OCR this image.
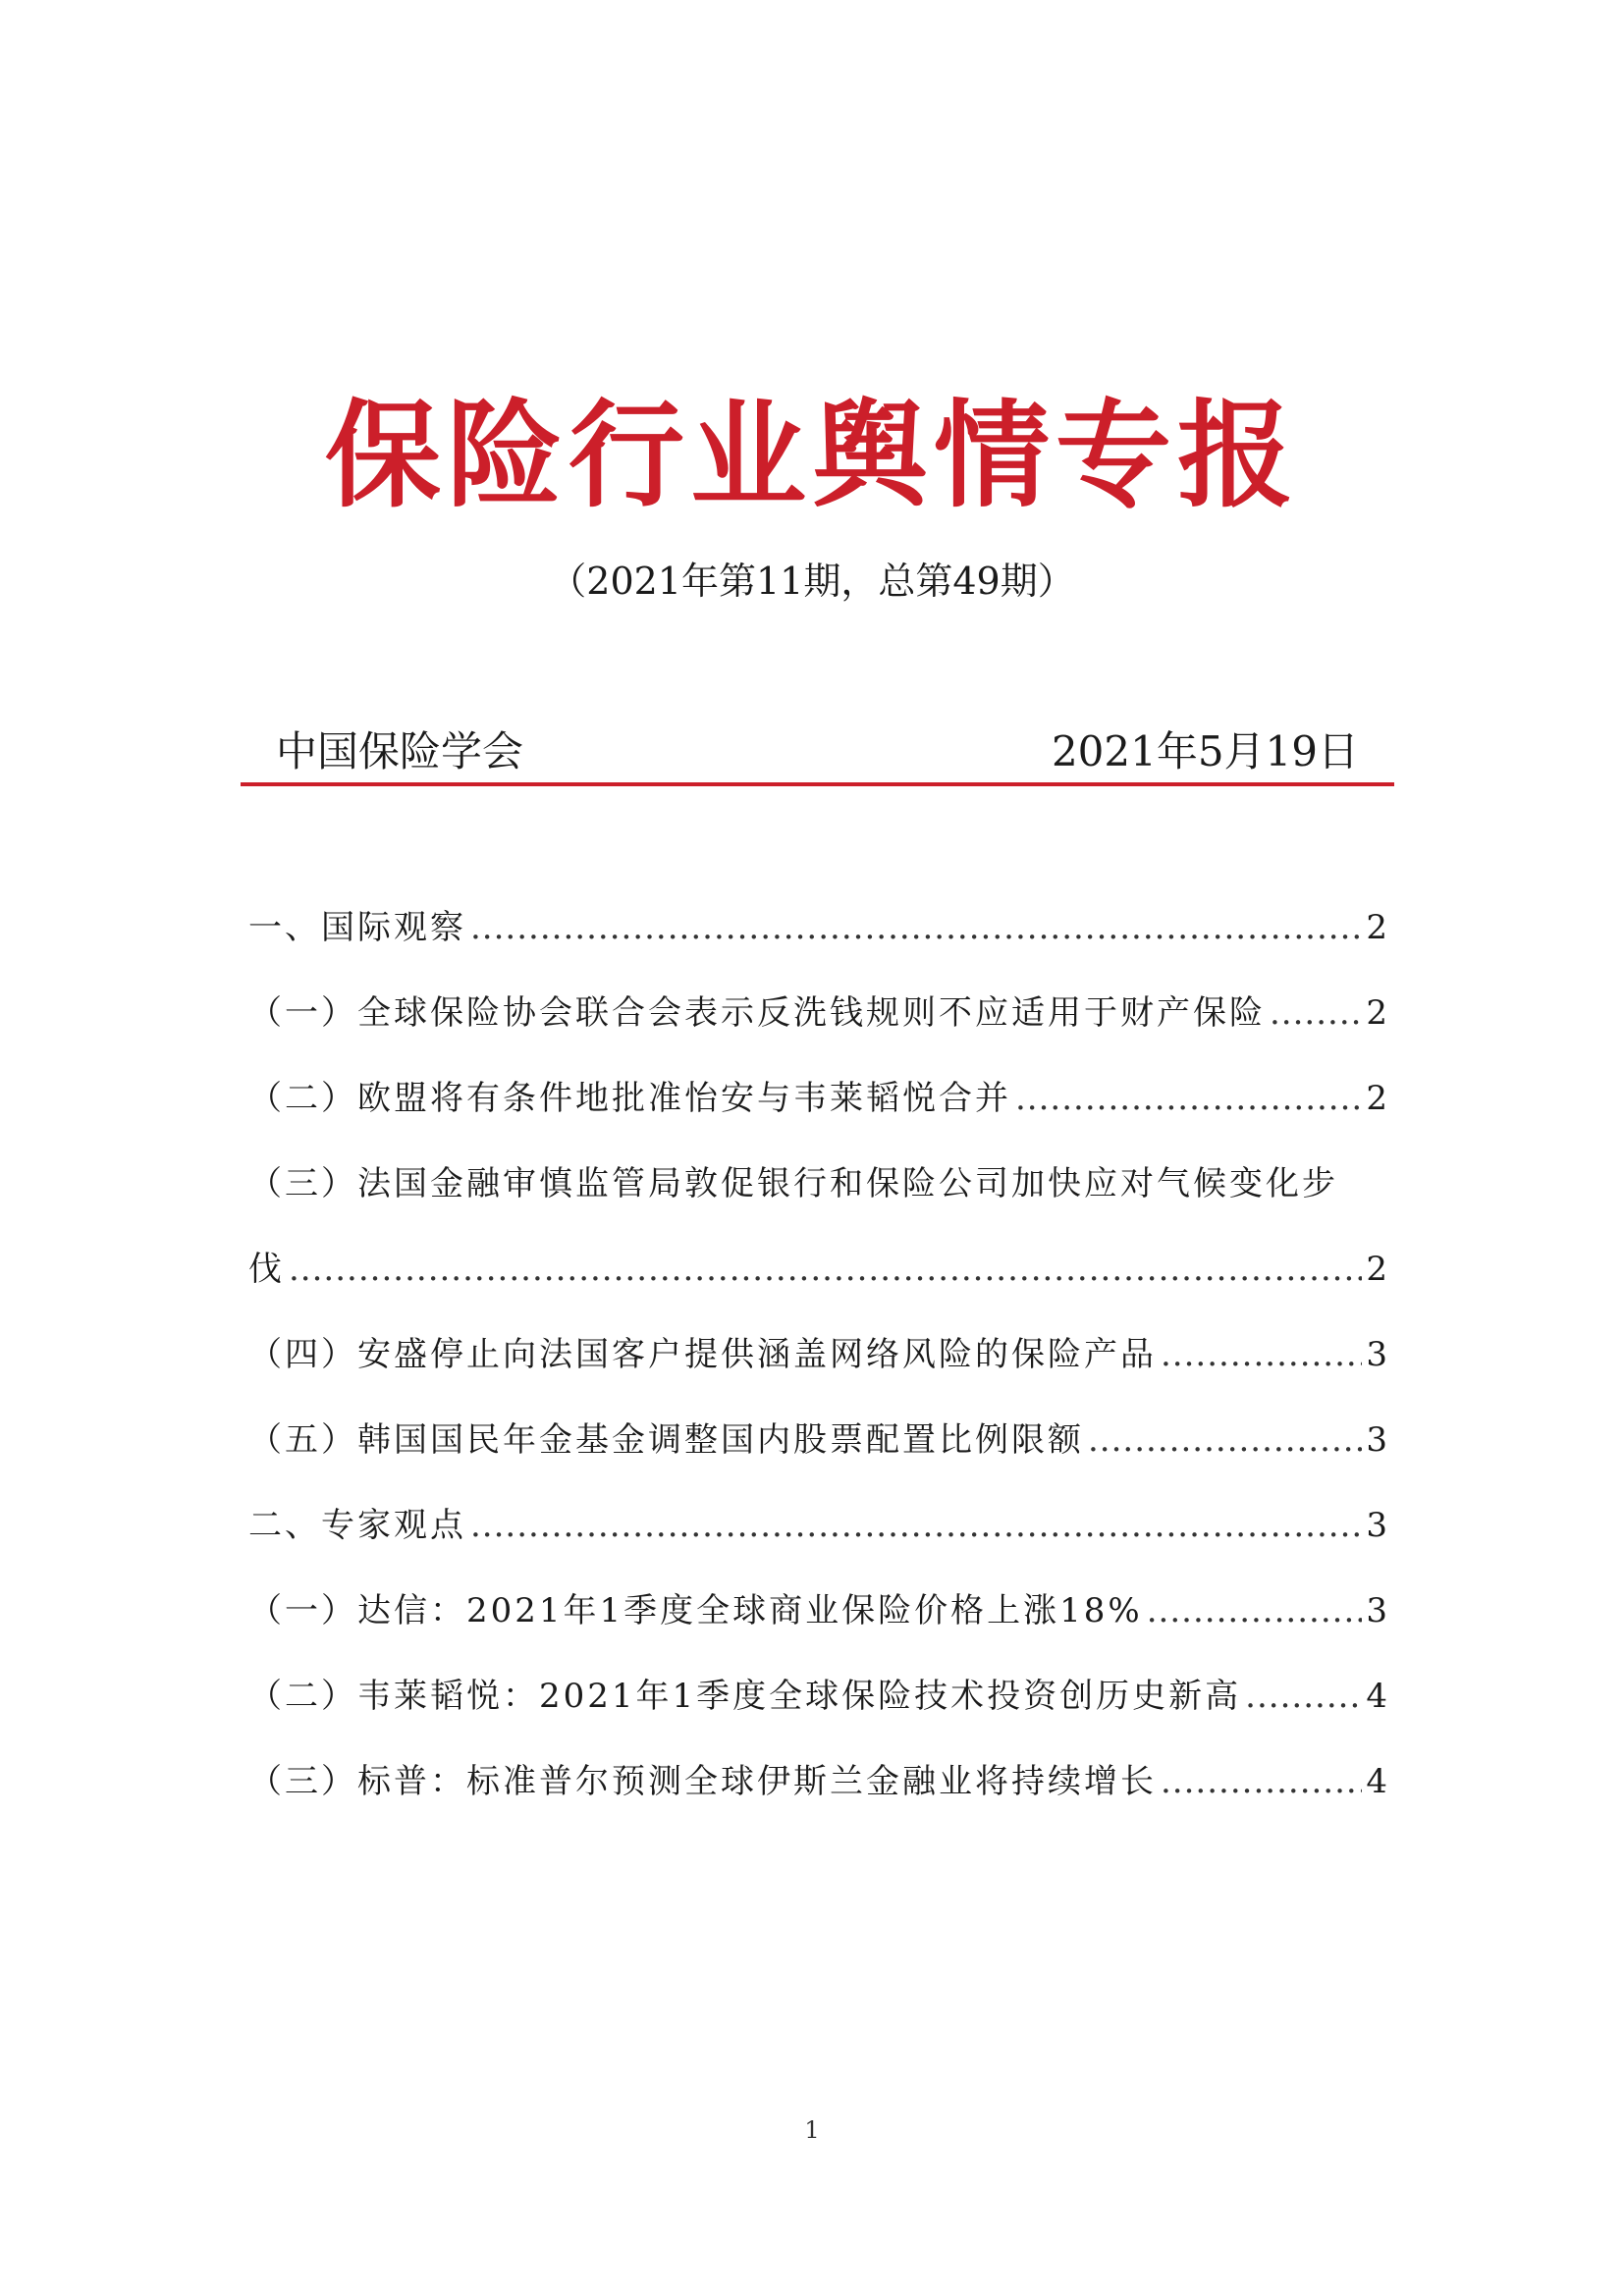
保险行业舆情专报
（2021年第11期，总第49期）
中国保险学会	2021年5月19日
一、国际观察 .....	2
（一）全球保险协会联合会表示反洗钱规则不应适用于财产保险 .....	2
（二）欧盟将有条件地批准怡安与韦莱韬悦合并 .....	2
（三）法国金融审慎监管局敦促银行和保险公司加快应对气候变化步
伐 .....	2
（四）安盛停止向法国客户提供涵盖网络风险的保险产品 .....	3
（五）韩国国民年金基金调整国内股票配置比例限额 .....	3
二、专家观点 .....	3
（一）达信：2021年1季度全球商业保险价格上涨18% .....	3
（二）韦莱韬悦：2021年1季度全球保险技术投资创历史新高 .....	4
（三）标普：标准普尔预测全球伊斯兰金融业将持续增长 .....	4
1
